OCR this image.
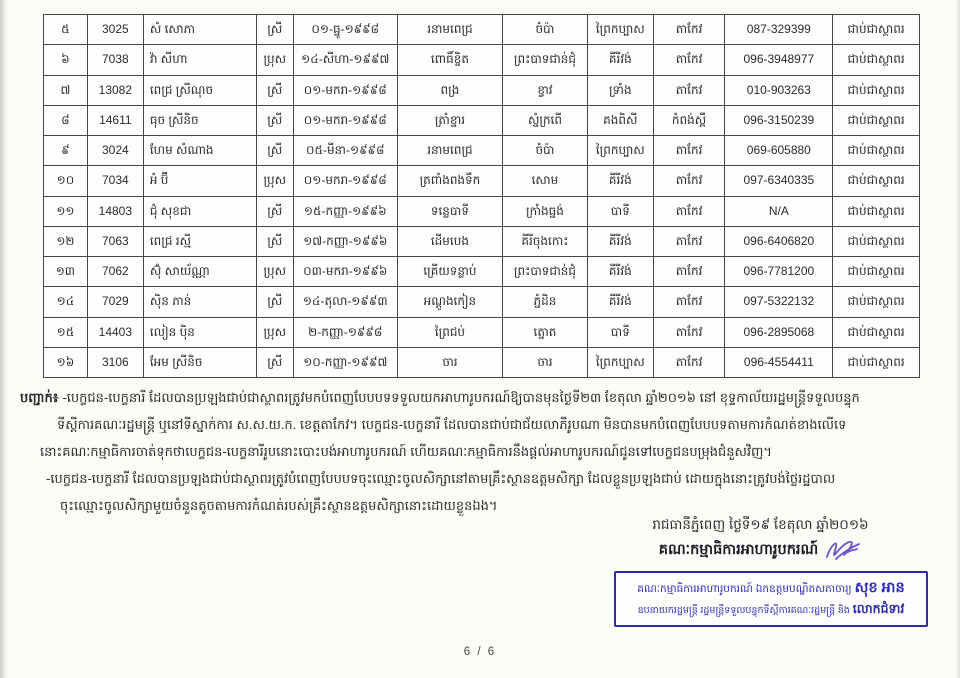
៥	3025	សំ សោភា	ស្រី	០១-ធ្នូ-១៩៩៨	រនាមពេជ្រ	ចំប៉ា	ព្រៃកប្បាស	តាកែវ	087-329399	ជាប់ជាស្ថាពរ
៦	7038	វ៉ា សីហា	ប្រុស	១៤-សីហា-១៩៩៧	ពោធិ៍ខ្ចិត	ព្រះបាទជាន់ជុំ	គីរីវង់	តាកែវ	096-3948977	ជាប់ជាស្ថាពរ
៧	13082	ពេជ្រ ស្រីណុច	ស្រី	០១-មករា-១៩៩៨	ពង្រ	ខ្វាវ	ទ្រាំង	តាកែវ	010-903263	ជាប់ជាស្ថាពរ
៨	14611	ធុច ស្រីនិច	ស្រី	០១-មករា-១៩៩៨	ត្រាំខ្នារ	ស្នំក្រពើ	គងពិសី	កំពង់ស្ពឺ	096-3150239	ជាប់ជាស្ថាពរ
៩	3024	ហែម សំណាង	ស្រី	០៥-មីនា-១៩៩៨	រនាមពេជ្រ	ចំប៉ា	ព្រៃកប្បាស	តាកែវ	069-605880	ជាប់ជាស្ថាពរ
១០	7034	អំ ប៊ី	ប្រុស	០១-មករា-១៩៩៨	ត្រពាំងពងទឹក	សោម	គីរីវង់	តាកែវ	097-6340335	ជាប់ជាស្ថាពរ
១១	14803	ជុំ សុខជា	ស្រី	១៥-កញ្ញា-១៩៩៦	ទន្លេបាទី	ក្រាំងធ្នង់	បាទី	តាកែវ	N/A	ជាប់ជាស្ថាពរ
១២	7063	ពេជ្រ រស្មី	ស្រី	១៧-កញ្ញា-១៩៩៦	ដើមបេង	គីរីចុងកោះ	គីរីវង់	តាកែវ	096-6406820	ជាប់ជាស្ថាពរ
១៣	7062	ស៊ុំ សាយ័ណ្ណា	ប្រុស	០៣-មករា-១៩៩៦	គ្រើយទន្លាប់	ព្រះបាទជាន់ជុំ	គីរីវង់	តាកែវ	096-7781200	ជាប់ជាស្ថាពរ
១៤	7029	ស៊ិន ភាន់	ស្រី	១៤-តុលា-១៩៩៣	អណ្តូងកៀន	ភ្នំដិន	គីរីវង់	តាកែវ	097-5322132	ជាប់ជាស្ថាពរ
១៥	14403	លៀន ប៉ិន	ប្រុស	២-កញ្ញា-១៩៩៨	ព្រៃជប់	ត្នោត	បាទី	តាកែវ	096-2895068	ជាប់ជាស្ថាពរ
១៦	3106	អែម ស្រីនិច	ស្រី	១០-កញ្ញា-១៩៩៧	ចារ	ចារ	ព្រៃកប្បាស	តាកែវ	096-4554411	ជាប់ជាស្ថាពរ
បញ្ជាក់៖ -បេក្ខជន-បេក្ខនារី ដែលបានប្រឡងជាប់ជាស្ថាពរត្រូវមកបំពេញបែបបទទទួលយកអាហារូបករណ៍ឱ្យបានមុនថ្ងៃទី២៣ ខែតុលា ឆ្នាំ២០១៦ នៅ ខុទ្ទកាល័យរដ្ឋមន្ត្រីទទួលបន្ទុក
ទីស្តីការគណៈរដ្ឋមន្ត្រី ឬនៅទីស្នាក់ការ ស.ស.យ.ក. ខេត្តតាកែវ។ បេក្ខជន-បេក្ខនារី ដែលបានជាប់ជាជ័យលាភីរូបណា មិនបានមកបំពេញបែបបទតាមការកំណត់ខាងលើទេ
នោះគណៈកម្មាធិការចាត់ទុកថាបេក្ខជន-បេក្ខនារីរូបនោះបោះបង់អាហារូបករណ៍ ហើយគណៈកម្មាធិការនឹងផ្តល់អាហារូបករណ៍ជូនទៅបេក្ខជនបម្រុងជំនួសវិញ។
-បេក្ខជន-បេក្ខនារី ដែលបានប្រឡងជាប់ជាស្ថាពរត្រូវបំពេញបែបបទចុះឈ្មោះចូលសិក្សានៅតាមគ្រឹះស្ថានឧត្តមសិក្សា ដែលខ្លួនប្រឡងជាប់ ដោយក្នុងនោះត្រូវបង់ថ្លៃរដ្ឋបាល
ចុះឈ្មោះចូលសិក្សាមួយចំនួនតូចតាមការកំណត់របស់គ្រឹះស្ថានឧត្តមសិក្សានោះដោយខ្លួនឯង។
រាជធានីភ្នំពេញ ថ្ងៃទី១៩ ខែតុលា ឆ្នាំ២០១៦
គណៈកម្មាធិការអាហារូបករណ៍
គណៈកម្មាធិការអាហារូបករណ៍ ឯកឧត្តមបណ្ឌិតសភាចារ្យ សុខ អាន
ឧបនាយករដ្ឋមន្ត្រី រដ្ឋមន្ត្រីទទួលបន្ទុកទីស្តីការគណៈរដ្ឋមន្ត្រី និង លោកជំទាវ
6 / 6
